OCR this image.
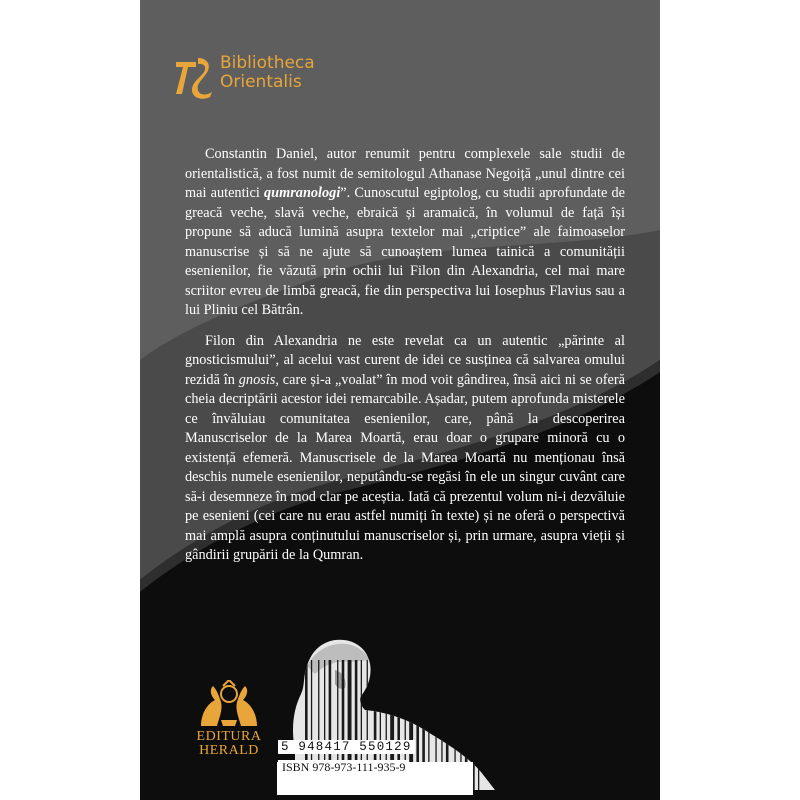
Bibliotheca
Orientalis

Constantin Daniel, autor renumit pentru complexele sale studii de orientalistică, a fost numit de semitologul Athanase Negoiță „unul dintre cei mai autentici qumranologi”. Cunoscutul egiptolog, cu studii aprofundate de greacă veche, slavă veche, ebraică și aramaică, în volumul de față își propune să aducă lumină asupra textelor mai „criptice” ale faimoaselor manuscrise și să ne ajute să cunoaștem lumea tainică a comunității esenienilor, fie văzută prin ochii lui Filon din Alexandria, cel mai mare scriitor evreu de limbă greacă, fie din perspectiva lui Iosephus Flavius sau a lui Pliniu cel Bătrân.

Filon din Alexandria ne este revelat ca un autentic „părinte al gnosticismului”, al acelui vast curent de idei ce susținea că salvarea omului rezidă în gnosis, care și-a „voalat” în mod voit gândirea, însă aici ni se oferă cheia decriptării acestor idei remarcabile. Așadar, putem aprofunda misterele ce învăluiau comunitatea esenienilor, care, până la descoperirea Manuscriselor de la Marea Moartă, erau doar o grupare minoră cu o existență efemeră. Manuscrisele de la Marea Moartă nu menționau însă deschis numele esenienilor, neputându-se regăsi în ele un singur cuvânt care să-i desemneze în mod clar pe aceștia. Iată că prezentul volum ni-i dezvăluie pe esenieni (cei care nu erau astfel numiți în texte) și ne oferă o perspectivă mai amplă asupra conținutului manuscriselor și, prin urmare, asupra vieții și gândirii grupării de la Qumran.

EDITURA
HERALD	5 948417 550129
ISBN 978-973-111-935-9
